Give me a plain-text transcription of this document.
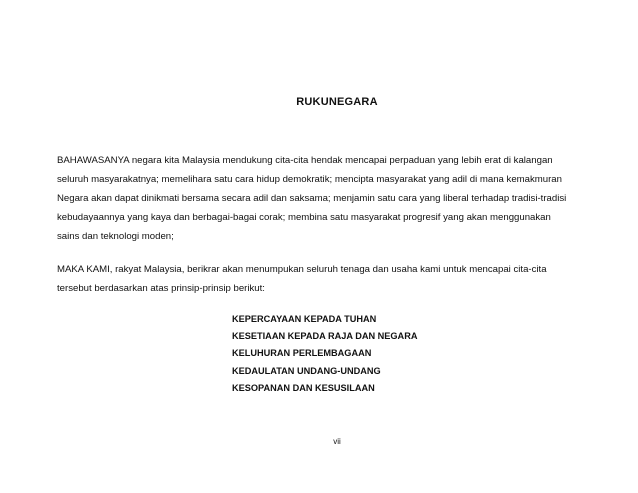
RUKUNEGARA

BAHAWASANYA negara kita Malaysia mendukung cita-cita hendak mencapai perpaduan yang lebih erat di kalangan
seluruh masyarakatnya; memelihara satu cara hidup demokratik; mencipta masyarakat yang adil di mana kemakmuran
Negara akan dapat dinikmati bersama secara adil dan saksama; menjamin satu cara yang liberal terhadap tradisi-tradisi
kebudayaannya yang kaya dan berbagai-bagai corak; membina satu masyarakat progresif yang akan menggunakan
sains dan teknologi moden;

MAKA KAMI, rakyat Malaysia, berikrar akan menumpukan seluruh tenaga dan usaha kami untuk mencapai cita-cita
tersebut berdasarkan atas prinsip-prinsip berikut:

KEPERCAYAAN KEPADA TUHAN
KESETIAAN KEPADA RAJA DAN NEGARA
KELUHURAN PERLEMBAGAAN
KEDAULATAN UNDANG-UNDANG
KESOPANAN DAN KESUSILAAN
vii
